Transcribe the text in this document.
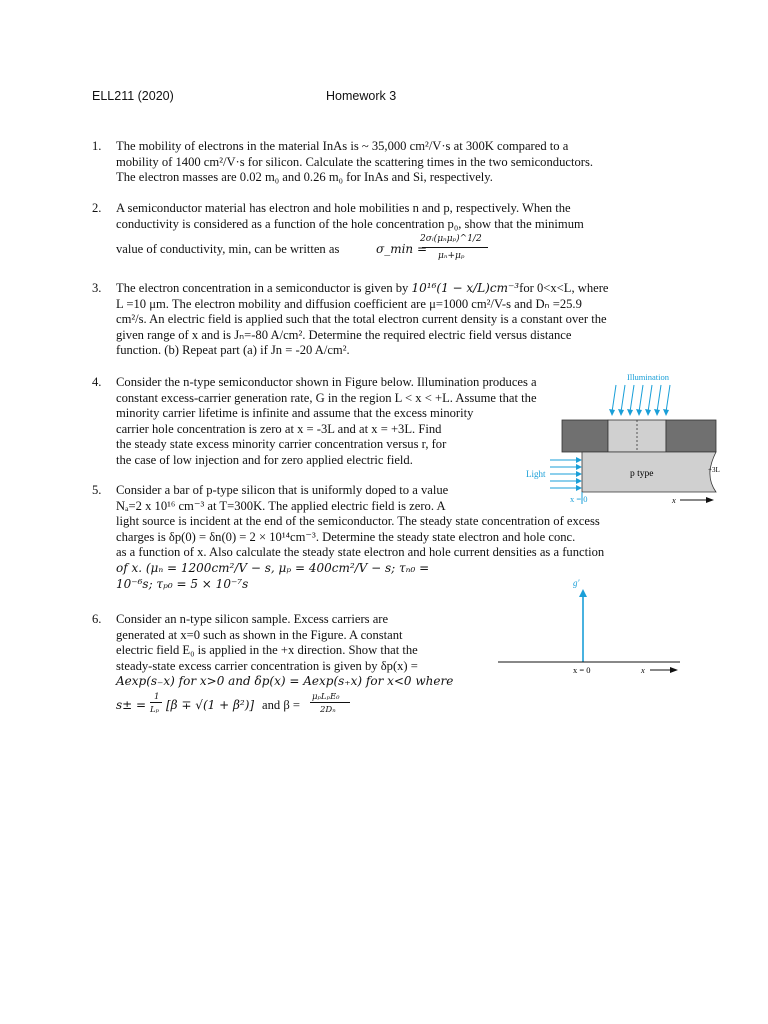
ELL211 (2020)	Homework 3
1. The mobility of electrons in the material InAs is ~ 35,000 cm²/V·s at 300K compared to a
mobility of 1400 cm²/V·s for silicon. Calculate the scattering times in the two semiconductors.
The electron masses are 0.02 m₀ and 0.26 m₀ for InAs and Si, respectively.
2. A semiconductor material has electron and hole mobilities n and p, respectively. When the
conductivity is considered as a function of the hole concentration p₀, show that the minimum
value of conductivity, min, can be written as	σ_min =
2σᵢ(μₙμₚ)^1/2
μₙ+μₚ
3. The electron concentration in a semiconductor is given by 10¹⁶(1 − x/L)cm⁻³for 0<x<L, where
L =10 μm. The electron mobility and diffusion coefficient are μ=1000 cm²/V-s and Dₙ =25.9
cm²/s. An electric field is applied such that the total electron current density is a constant over the
given range of x and is Jₙ=-80 A/cm². Determine the required electric field versus distance
function. (b) Repeat part (a) if Jn = -20 A/cm².
4. Consider the n-type semiconductor shown in Figure below. Illumination produces a
constant excess-carrier generation rate, G in the region L < x < +L. Assume that the
minority carrier lifetime is infinite and assume that the excess minority
carrier hole concentration is zero at x = -3L and at x = +3L. Find
the steady state excess minority carrier concentration versus r, for
the case of low injection and for zero applied electric field.
Illumination
p type
Light -3L	+3L
x = 0	x
5. Consider a bar of p-type silicon that is uniformly doped to a value
Nₐ=2 x 10¹⁶ cm⁻³ at T=300K. The applied electric field is zero. A
light source is incident at the end of the semiconductor. The steady state concentration of excess
charges is δp(0) = δn(0) = 2 × 10¹⁴cm⁻³. Determine the steady state electron and hole conc.
as a function of x. Also calculate the steady state electron and hole current densities as a function
of x. (μₙ = 1200cm²/V − s, μₚ = 400cm²/V − s; τₙ₀ =
10⁻⁶s; τₚ₀ = 5 × 10⁻⁷s	g′
x = 0	x
6. Consider an n-type silicon sample. Excess carriers are
generated at x=0 such as shown in the Figure. A constant
electric field E₀ is applied in the +x direction. Show that the
steady-state excess carrier concentration is given by δp(x) =
Aexp(s₋x) for x>0 and δp(x) = Aexp(s₊x) for x<0 where
s± =
1
Lₚ [β ∓ √(1 + β²)] and β =
μₚLₚE₀
2Dₙ
